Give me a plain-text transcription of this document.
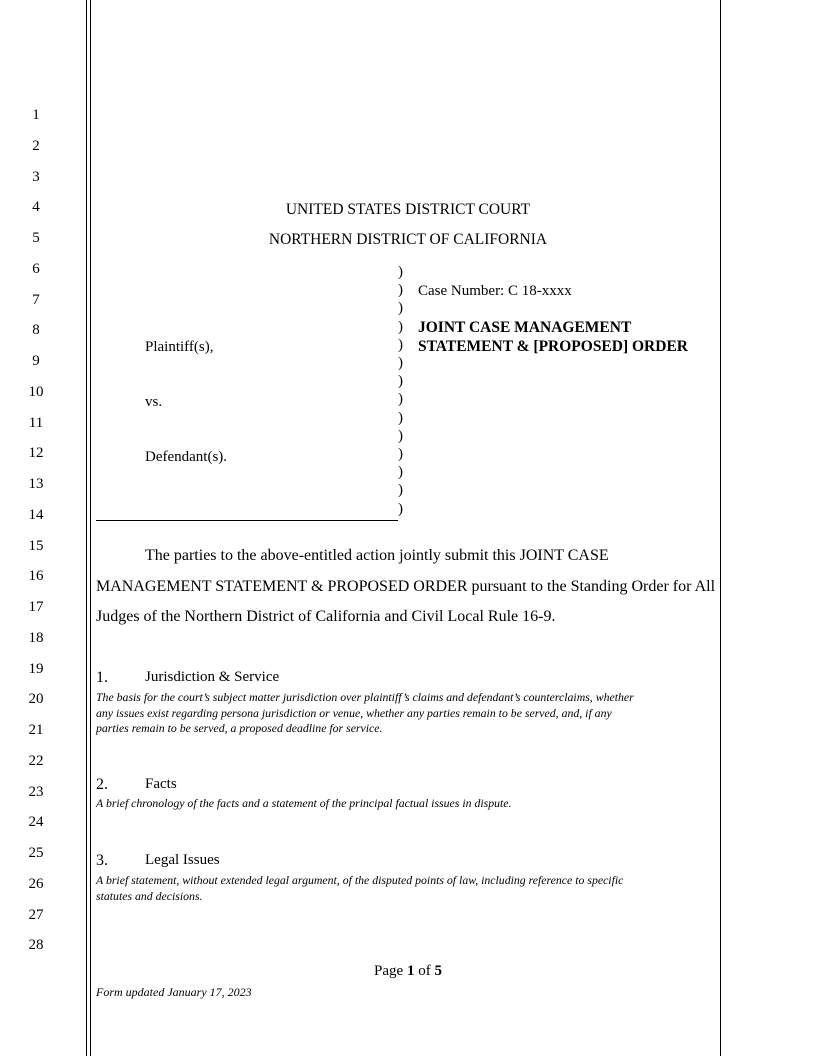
1
2
3
4
5
6
7
8
9
10
11
12
13
14
15
16
17
18
19
20
21
22
23
24
25
26
27
28
UNITED STATES DISTRICT COURT
NORTHERN DISTRICT OF CALIFORNIA
)
)
)
)
)
)
)
)
)
)
)
)
)
)
Plaintiff(s),
vs.
Defendant(s).
Case Number: C 18-xxxx
JOINT CASE MANAGEMENT
STATEMENT & [PROPOSED] ORDER
The parties to the above-entitled action jointly submit this JOINT CASE
MANAGEMENT STATEMENT & PROPOSED ORDER pursuant to the Standing Order for All
Judges of the Northern District of California and Civil Local Rule 16-9.
1. Jurisdiction & Service
The basis for the court’s subject matter jurisdiction over plaintiff’s claims and defendant’s counterclaims, whether
any issues exist regarding persona jurisdiction or venue, whether any parties remain to be served, and, if any
parties remain to be served, a proposed deadline for service.
2. Facts
A brief chronology of the facts and a statement of the principal factual issues in dispute.
3. Legal Issues
A brief statement, without extended legal argument, of the disputed points of law, including reference to specific
statutes and decisions.
Page 1 of 5
Form updated January 17, 2023
